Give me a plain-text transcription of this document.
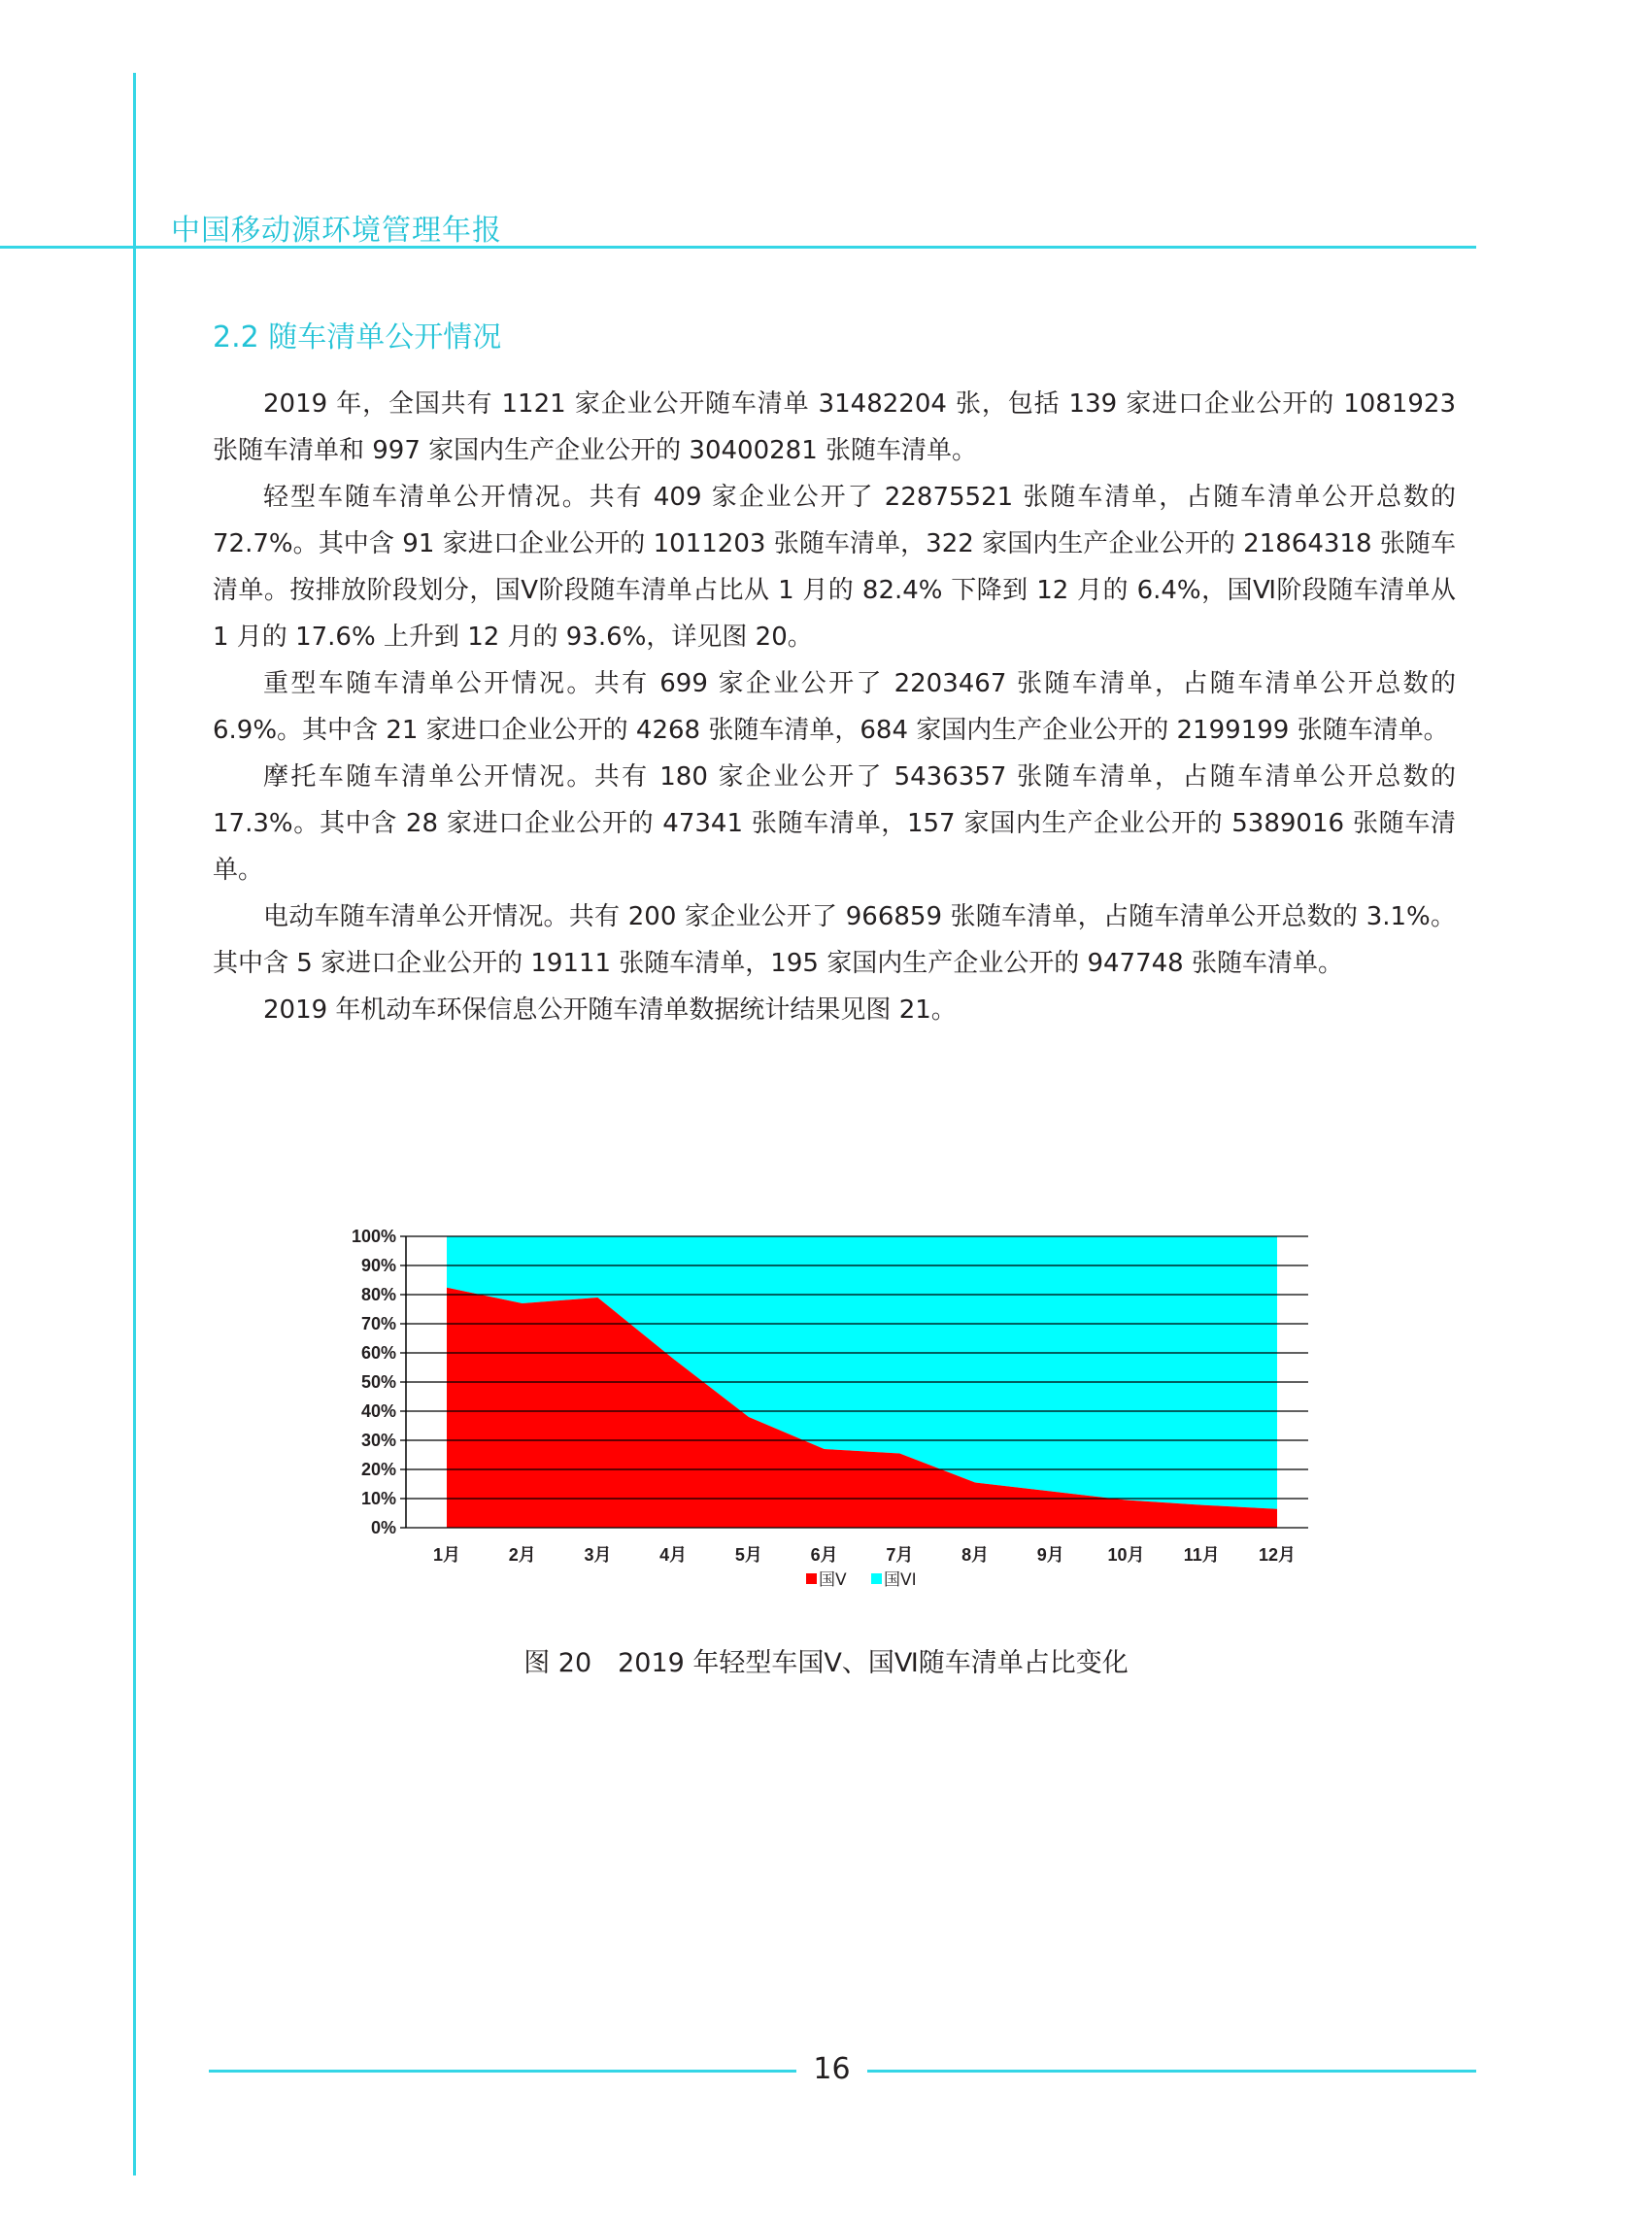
中国移动源环境管理年报
2.2 随车清单公开情况

2019 年，全国共有 1121 家企业公开随车清单 31482204 张，包括 139 家进口企业公开的 1081923 张随车清单和 997 家国内生产企业公开的 30400281 张随车清单。

轻型车随车清单公开情况。共有 409 家企业公开了 22875521 张随车清单，占随车清单公开总数的 72.7%。其中含 91 家进口企业公开的 1011203 张随车清单，322 家国内生产企业公开的 21864318 张随车清单。按排放阶段划分，国Ⅴ阶段随车清单占比从 1 月的 82.4% 下降到 12 月的 6.4%，国Ⅵ阶段随车清单从 1 月的 17.6% 上升到 12 月的 93.6%，详见图 20。

重型车随车清单公开情况。共有 699 家企业公开了 2203467 张随车清单，占随车清单公开总数的 6.9%。其中含 21 家进口企业公开的 4268 张随车清单，684 家国内生产企业公开的 2199199 张随车清单。

摩托车随车清单公开情况。共有 180 家企业公开了 5436357 张随车清单，占随车清单公开总数的 17.3%。其中含 28 家进口企业公开的 47341 张随车清单，157 家国内生产企业公开的 5389016 张随车清单。

电动车随车清单公开情况。共有 200 家企业公开了 966859 张随车清单，占随车清单公开总数的 3.1%。其中含 5 家进口企业公开的 19111 张随车清单，195 家国内生产企业公开的 947748 张随车清单。

2019 年机动车环保信息公开随车清单数据统计结果见图 21。

0%
10%
20%
30%
40%
50%
60%
70%
80%
90%
100%
1月	2月	3月	4月	5月	6月	7月	8月	9月 10月 11月 12月
国V 国VI
图 20　2019 年轻型车国Ⅴ、国Ⅵ随车清单占比变化
16
